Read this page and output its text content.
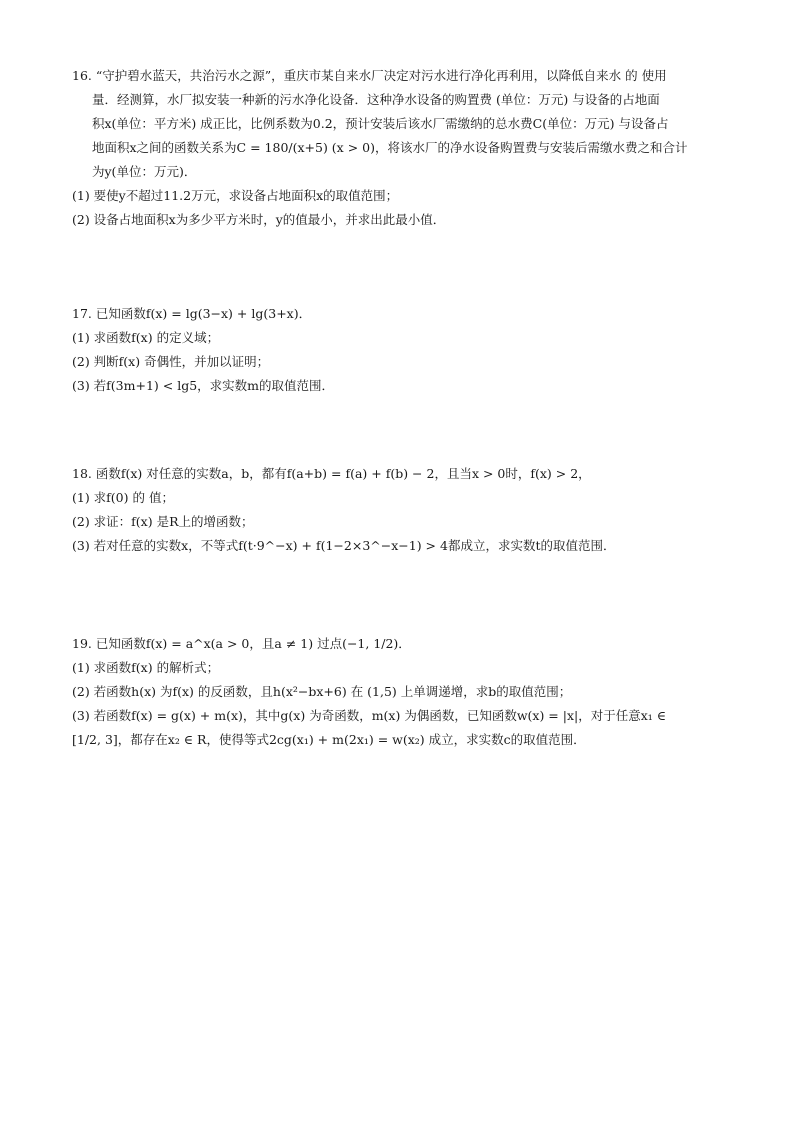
16. “守护碧水蓝天，共治污水之源”，重庆市某自来水厂决定对污水进行净化再利用，以降低自来水 的 使用
量．经测算，水厂拟安装一种新的污水净化设备．这种净水设备的购置费 (单位：万元) 与设备的占地面
积x(单位：平方米) 成正比，比例系数为0.2，预计安装后该水厂需缴纳的总水费C(单位：万元) 与设备占
地面积x之间的函数关系为C = 180/(x+5) (x > 0)，将该水厂的净水设备购置费与安装后需缴水费之和合计
为y(单位：万元)．
(1) 要使y不超过11.2万元，求设备占地面积x的取值范围；
(2) 设备占地面积x为多少平方米时，y的值最小，并求出此最小值．
17. 已知函数f(x) = lg(3−x) + lg(3+x)．
(1) 求函数f(x) 的定义域；
(2) 判断f(x) 奇偶性，并加以证明；
(3) 若f(3m+1) < lg5，求实数m的取值范围．
18. 函数f(x) 对任意的实数a，b，都有f(a+b) = f(a) + f(b) − 2，且当x > 0时，f(x) > 2，
(1) 求f(0) 的 值；
(2) 求证：f(x) 是R上的增函数；
(3) 若对任意的实数x，不等式f(t·9^−x) + f(1−2×3^−x−1) > 4都成立，求实数t的取值范围．
19. 已知函数f(x) = a^x(a > 0，且a ≠ 1) 过点(−1, 1/2)．
(1) 求函数f(x) 的解析式；
(2) 若函数h(x) 为f(x) 的反函数，且h(x²−bx+6) 在 (1,5) 上单调递增，求b的取值范围；
(3) 若函数f(x) = g(x) + m(x)，其中g(x) 为奇函数，m(x) 为偶函数，已知函数w(x) = |x|，对于任意x₁ ∈
[1/2, 3]，都存在x₂ ∈ R，使得等式2cg(x₁) + m(2x₁) = w(x₂) 成立，求实数c的取值范围．
